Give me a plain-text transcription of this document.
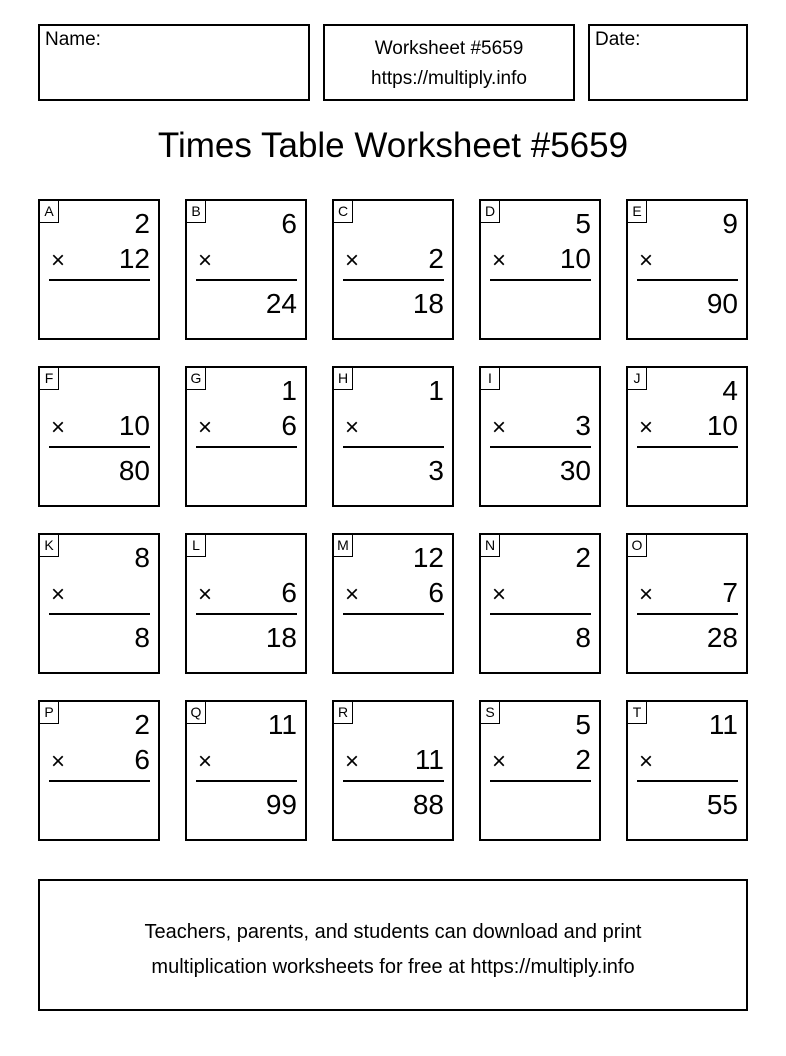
Name:	Worksheet #5659
https://multiply.info
Date:
Times Table Worksheet #5659
A	2
× 12
B	6
×
24
C
× 2
18
D	5
× 10
E	9
×
90
F
× 10
80
G	1
× 6
H	1
×
3
I
× 3
30
J	4
× 10
K	8
×
8
L
× 6
18
M 12
× 6
N	2
×
8
O
× 7
28
P	2
× 6
Q 11
×
99
R
× 11
88
S	5
× 2
T 11
×
55
Teachers, parents, and students can download and print
multiplication worksheets for free at https://multiply.info
